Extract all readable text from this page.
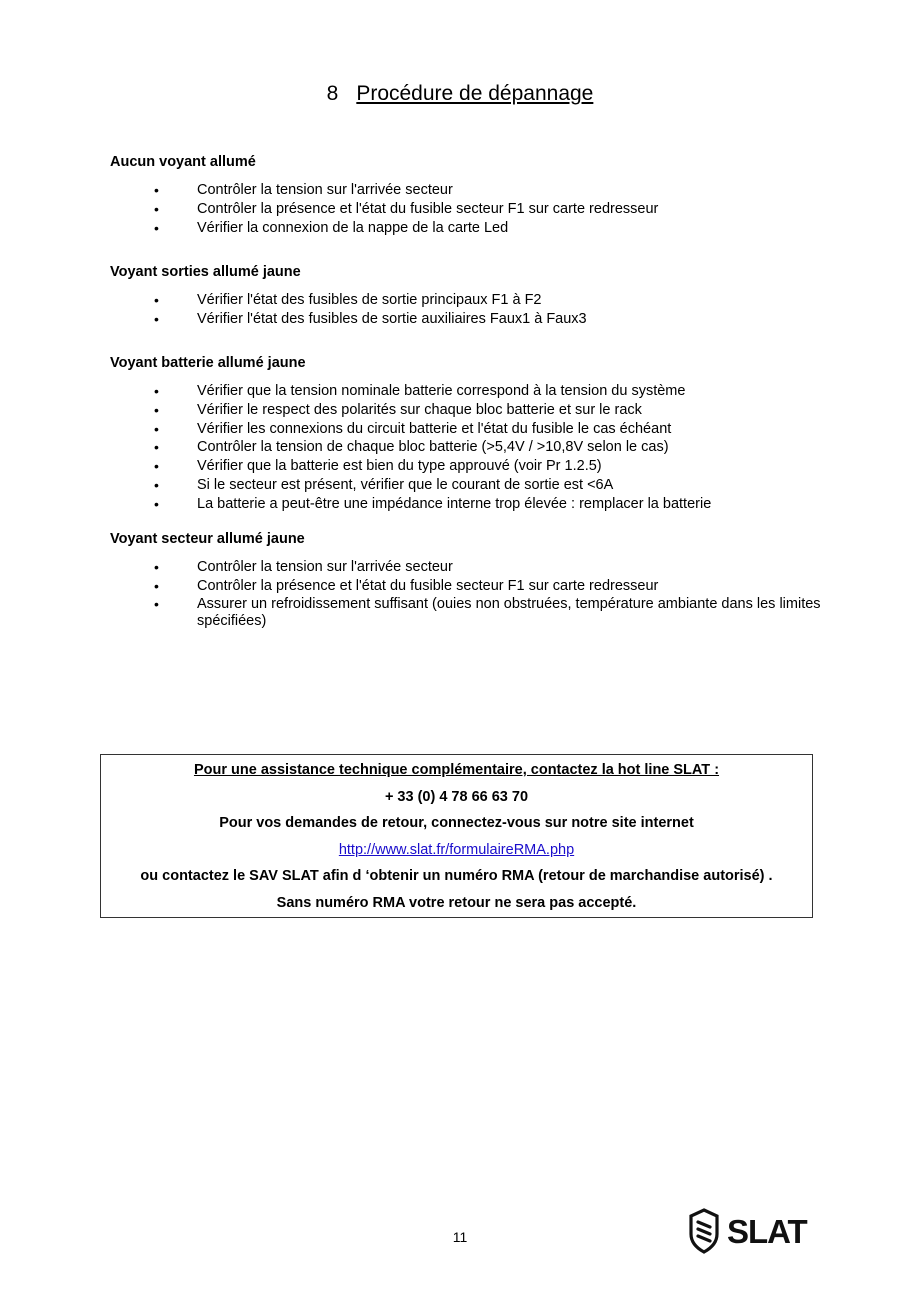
8 Procédure de dépannage
Aucun voyant allumé
•	Contrôler la tension sur l'arrivée secteur
•	Contrôler la présence et l'état du fusible secteur F1 sur carte redresseur
•	Vérifier la connexion de la nappe de la carte Led
Voyant sorties allumé jaune
•	Vérifier l'état des fusibles de sortie principaux F1 à F2
•	Vérifier l'état des fusibles de sortie auxiliaires Faux1 à Faux3
Voyant batterie allumé jaune
•	Vérifier que la tension nominale batterie correspond à la tension du système
•	Vérifier le respect des polarités sur chaque bloc batterie et sur le rack
•	Vérifier les connexions du circuit batterie et l'état du fusible le cas échéant
•	Contrôler la tension de chaque bloc batterie (>5,4V / >10,8V selon le cas)
•	Vérifier que la batterie est bien du type approuvé (voir Pr 1.2.5)
•	Si le secteur est présent, vérifier que le courant de sortie est <6A
•	La batterie a peut-être une impédance interne trop élevée : remplacer la batterie
Voyant secteur allumé jaune
•	Contrôler la tension sur l'arrivée secteur
•	Contrôler la présence et l'état du fusible secteur F1 sur carte redresseur
•	Assurer un refroidissement suffisant (ouies non obstruées, température ambiante dans les limites spécifiées)
Pour une assistance technique complémentaire, contactez la hot line SLAT :
+ 33 (0) 4 78 66 63 70
Pour vos demandes de retour, connectez-vous sur notre site internet
http://www.slat.fr/formulaireRMA.php
ou contactez le SAV SLAT afin d ‘obtenir un numéro RMA (retour de marchandise autorisé) .
Sans numéro RMA votre retour ne sera pas accepté.
11	SLAT
